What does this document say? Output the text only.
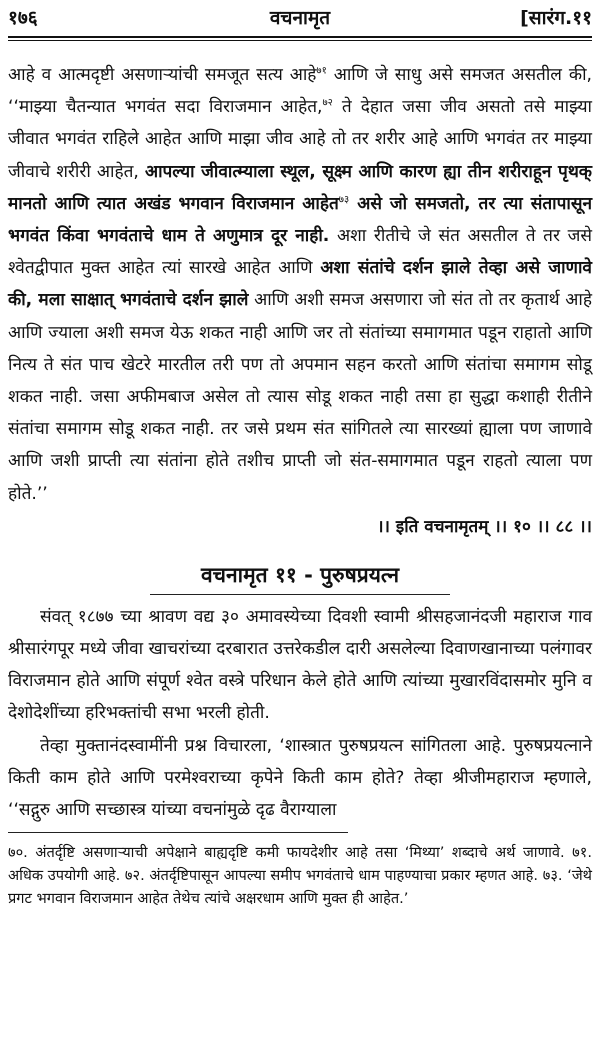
१७६	वचनामृत	[सारंग.११

आहे व आत्मदृष्टी असणाऱ्यांची समजूत सत्य आहे$^{७१}$ आणि जे साधु असे समजत असतील की, ‘‘माझ्या चैतन्यात भगवंत सदा विराजमान आहेत,$^{७२}$ ते देहात जसा जीव असतो तसे माझ्या जीवात भगवंत राहिले आहेत आणि माझा जीव आहे तो तर शरीर आहे आणि भगवंत तर माझ्या जीवाचे शरीरी आहेत, आपल्या जीवात्म्याला स्थूल, सूक्ष्म आणि कारण ह्या तीन शरीराहून पृथक् मानतो आणि त्यात अखंड भगवान विराजमान आहेत$^{७३}$ असे जो समजतो, तर त्या संतापासून भगवंत किंवा भगवंताचे धाम ते अणुमात्र दूर नाही. अशा रीतीचे जे संत असतील ते तर जसे श्वेतद्वीपात मुक्त आहेत त्यां सारखे आहेत आणि अशा संतांचे दर्शन झाले तेव्हा असे जाणावे की, मला साक्षात् भगवंताचे दर्शन झाले आणि अशी समज असणारा जो संत तो तर कृतार्थ आहे आणि ज्याला अशी समज येऊ शकत नाही आणि जर तो संतांच्या समागमात पडून राहातो आणि नित्य ते संत पाच खेटरे मारतील तरी पण तो अपमान सहन करतो आणि संतांचा समागम सोडू शकत नाही. जसा अफीमबाज असेल तो त्यास सोडू शकत नाही तसा हा सुद्धा कशाही रीतीने संतांचा समागम सोडू शकत नाही. तर जसे प्रथम संत सांगितले त्या सारख्यां ह्याला पण जाणावे आणि जशी प्राप्ती त्या संतांना होते तशीच प्राप्ती जो संत-समागमात पडून राहतो त्याला पण होते.’’

।। इति वचनामृतम् ।। १० ।। ८८ ।।

वचनामृत ११ - पुरुषप्रयत्न

संवत् १८७७ च्या श्रावण वद्य ३० अमावस्येच्या दिवशी स्वामी श्रीसहजानंदजी महाराज गाव श्रीसारंगपूर मध्ये जीवा खाचरांच्या दरबारात उत्तरेकडील दारी असलेल्या दिवाणखानाच्या पलंगावर विराजमान होते आणि संपूर्ण श्वेत वस्त्रे परिधान केले होते आणि त्यांच्या मुखारविंदासमोर मुनि व देशोदेशींच्या हरिभक्तांची सभा भरली होती.

तेव्हा मुक्तानंदस्वामींनी प्रश्न विचारला, ‘शास्त्रात पुरुषप्रयत्न सांगितला आहे. पुरुषप्रयत्नाने किती काम होते आणि परमेश्वराच्या कृपेने किती काम होते? तेव्हा श्रीजीमहाराज म्हणाले, ‘‘सद्गुरु आणि सच्छास्त्र यांच्या वचनांमुळे दृढ वैराग्याला

७०. अंतर्दृष्टि असणाऱ्याची अपेक्षाने बाह्यदृष्टि कमी फायदेशीर आहे तसा ‘मिथ्या’ शब्दाचे अर्थ जाणावे. ७१. अधिक उपयोगी आहे. ७२. अंतर्दृष्टिपासून आपल्या समीप भगवंताचे धाम पाहण्याचा प्रकार म्हणत आहे. ७३. ‘जेथे प्रगट भगवान विराजमान आहेत तेथेच त्यांचे अक्षरधाम आणि मुक्त ही आहेत.’
